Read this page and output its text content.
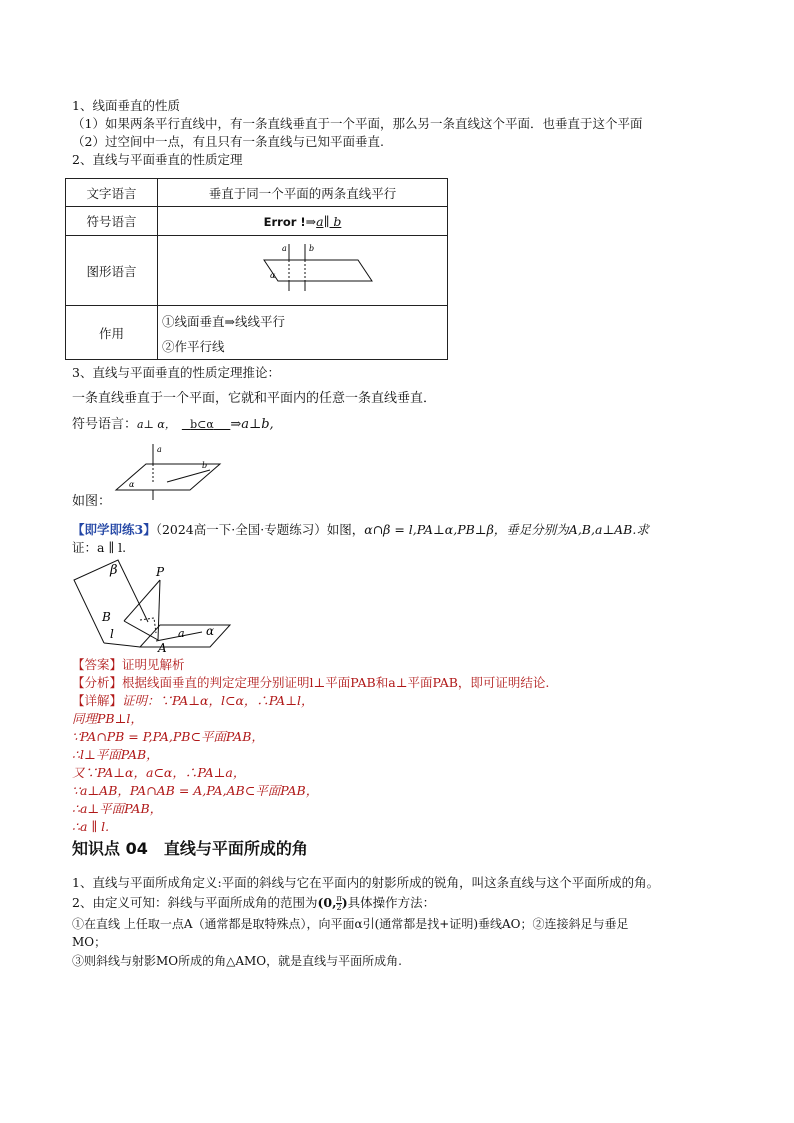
1、线面垂直的性质
（1）如果两条平行直线中，有一条直线垂直于一个平面，那么另一条直线这个平面．也垂直于这个平面
（2）过空间中一点，有且只有一条直线与已知平面垂直.
2、直线与平面垂直的性质定理
文字语言	垂直于同一个平面的两条直线平行
符号语言	Error !⇒a∥ b
图形语言	a b
α

作用	①线面垂直⇒线线平行
②作平行线
3、直线与平面垂直的性质定理推论：
一条直线垂直于一个平面，它就和平面内的任意一条直线垂直．
符号语言：a⊥ α， b⊂α ⇒a⊥b,
a
b
α
如图：
【即学即练3】（2024高一下·全国·专题练习）如图，α∩β = l,PA⊥α,PB⊥β，垂足分别为A,B,a⊥AB.求
证：a ∥ l.
β	P
B
l
A
a α
【答案】证明见解析
【分析】根据线面垂直的判定定理分别证明l⊥平面PAB和a⊥平面PAB，即可证明结论.
【详解】证明：∵PA⊥α，l⊂α，∴PA⊥l，
同理PB⊥l，
∵PA∩PB = P,PA,PB⊂平面PAB，
∴l⊥平面PAB，
又∵PA⊥α，a⊂α，∴PA⊥a，
∵a⊥AB，PA∩AB = A,PA,AB⊂平面PAB，
∴a⊥平面PAB，
∴a ∥ l.
知识点 04 直线与平面所成的角
1、直线与平面所成角定义:平面的斜线与它在平面内的射影所成的锐角，叫这条直线与这个平面所成的角。
2、由定义可知：斜线与平面所成角的范围为(0, $\frac{\pi}{2}$ )具体操作方法：
①在直线 上任取一点A（通常都是取特殊点），向平面α引(通常都是找+证明)垂线AO；②连接斜足与垂足
MO；
③则斜线与射影MO所成的角△AMO，就是直线与平面所成角.
